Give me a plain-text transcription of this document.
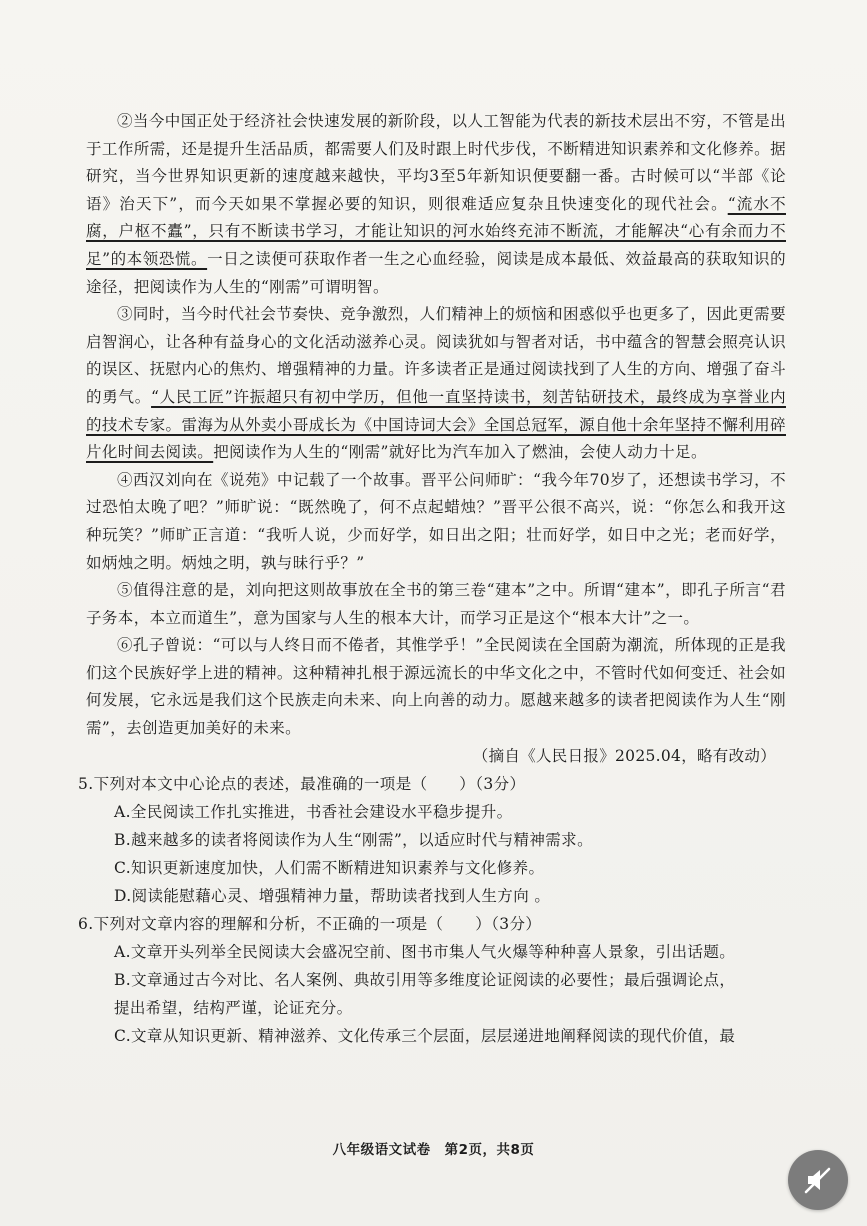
②当今中国正处于经济社会快速发展的新阶段，以人工智能为代表的新技术层出不穷，不管是出于工作所需，还是提升生活品质，都需要人们及时跟上时代步伐，不断精进知识素养和文化修养。据研究，当今世界知识更新的速度越来越快，平均3至5年新知识便要翻一番。古时候可以“半部《论语》治天下”，而今天如果不掌握必要的知识，则很难适应复杂且快速变化的现代社会。“流水不腐，户枢不蠹”，只有不断读书学习，才能让知识的河水始终充沛不断流，才能解决“心有余而力不足”的本领恐慌。一日之读便可获取作者一生之心血经验，阅读是成本最低、效益最高的获取知识的途径，把阅读作为人生的“刚需”可谓明智。

③同时，当今时代社会节奏快、竞争激烈，人们精神上的烦恼和困惑似乎也更多了，因此更需要启智润心，让各种有益身心的文化活动滋养心灵。阅读犹如与智者对话，书中蕴含的智慧会照亮认识的误区、抚慰内心的焦灼、增强精神的力量。许多读者正是通过阅读找到了人生的方向、增强了奋斗的勇气。“人民工匠”许振超只有初中学历，但他一直坚持读书，刻苦钻研技术，最终成为享誉业内的技术专家。雷海为从外卖小哥成长为《中国诗词大会》全国总冠军，源自他十余年坚持不懈利用碎片化时间去阅读。把阅读作为人生的“刚需”就好比为汽车加入了燃油，会使人动力十足。

④西汉刘向在《说苑》中记载了一个故事。晋平公问师旷：“我今年70岁了，还想读书学习，不过恐怕太晚了吧？”师旷说：“既然晚了，何不点起蜡烛？”晋平公很不高兴，说：“你怎么和我开这种玩笑？”师旷正言道：“我听人说，少而好学，如日出之阳；壮而好学，如日中之光；老而好学，如炳烛之明。炳烛之明，孰与昧行乎？”

⑤值得注意的是，刘向把这则故事放在全书的第三卷“建本”之中。所谓“建本”，即孔子所言“君子务本，本立而道生”，意为国家与人生的根本大计，而学习正是这个“根本大计”之一。

⑥孔子曾说：“可以与人终日而不倦者，其惟学乎！”全民阅读在全国蔚为潮流，所体现的正是我们这个民族好学上进的精神。这种精神扎根于源远流长的中华文化之中，不管时代如何变迁、社会如何发展，它永远是我们这个民族走向未来、向上向善的动力。愿越来越多的读者把阅读作为人生“刚需”，去创造更加美好的未来。

（摘自《人民日报》2025.04，略有改动）

5.下列对本文中心论点的表述，最准确的一项是（　　）（3分）

A.全民阅读工作扎实推进，书香社会建设水平稳步提升。

B.越来越多的读者将阅读作为人生“刚需”，以适应时代与精神需求。

C.知识更新速度加快，人们需不断精进知识素养与文化修养。

D.阅读能慰藉心灵、增强精神力量，帮助读者找到人生方向 。

6.下列对文章内容的理解和分析，不正确的一项是（　　）（3分）

A.文章开头列举全民阅读大会盛况空前、图书市集人气火爆等种种喜人景象，引出话题。

B.文章通过古今对比、名人案例、典故引用等多维度论证阅读的必要性；最后强调论点，

提出希望，结构严谨，论证充分。

C.文章从知识更新、精神滋养、文化传承三个层面，层层递进地阐释阅读的现代价值，最

八年级语文试卷　第2页，共8页
